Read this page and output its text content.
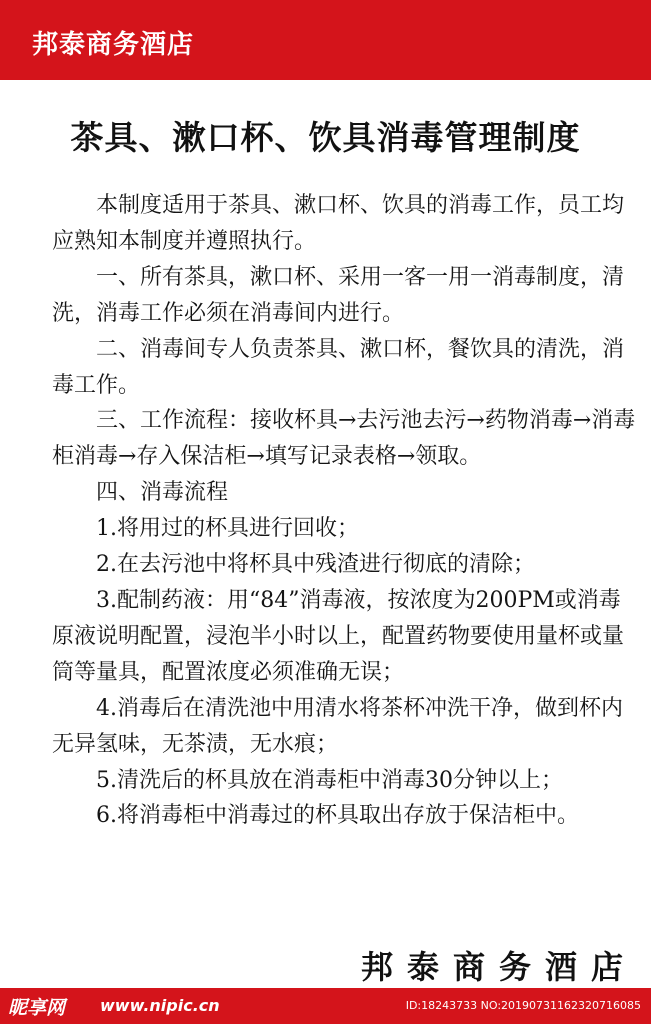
邦泰商务酒店
茶具、漱口杯、饮具消毒管理制度

本制度适用于茶具、漱口杯、饮具的消毒工作，员工均应熟知本制度并遵照执行。

一、所有茶具，漱口杯、采用一客一用一消毒制度，清洗，消毒工作必须在消毒间内进行。

二、消毒间专人负责茶具、漱口杯，餐饮具的清洗，消毒工作。

三、工作流程：接收杯具→去污池去污→药物消毒→消毒柜消毒→存入保洁柜→填写记录表格→领取。

四、消毒流程

1.将用过的杯具进行回收；

2.在去污池中将杯具中残渣进行彻底的清除；

3.配制药液：用“84”消毒液，按浓度为200PM或消毒原液说明配置，浸泡半小时以上，配置药物要使用量杯或量筒等量具，配置浓度必须准确无误；

4.消毒后在清洗池中用清水将茶杯冲洗干净，做到杯内无异氢味，无茶渍，无水痕；

5.清洗后的杯具放在消毒柜中消毒30分钟以上；

6.将消毒柜中消毒过的杯具取出存放于保洁柜中。

邦泰商务酒店
昵享网 www.nipic.cn	ID:18243733 NO:20190731162320716085
